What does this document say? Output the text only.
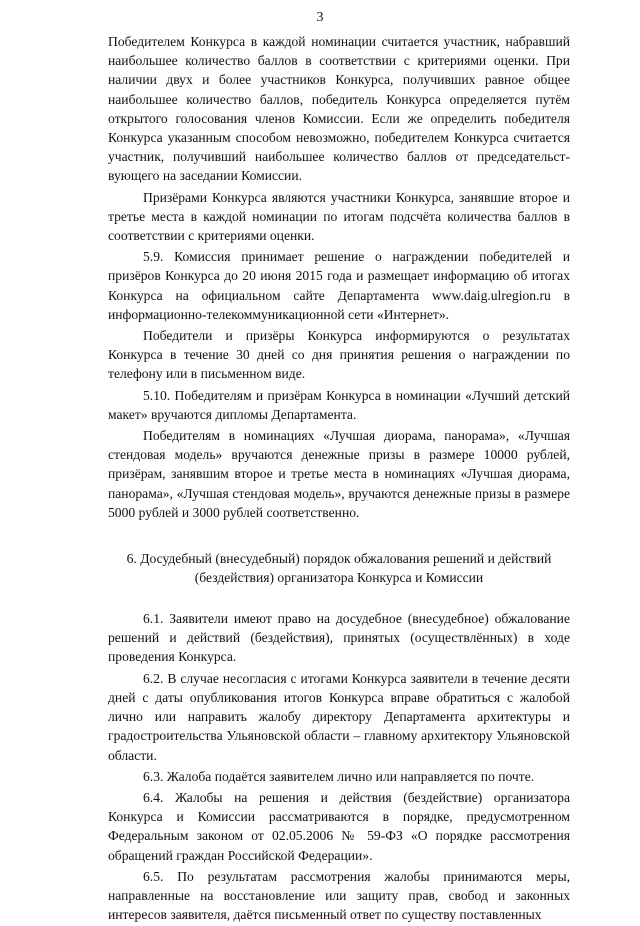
3

Победителем Конкурса в каждой номинации считается участник, набравший наибольшее количество баллов в соответствии с критериями оценки. При наличии двух и более участников Конкурса, получивших равное общее наибольшее количество баллов, победитель Конкурса определяется путём открытого голосования членов Комиссии. Если же определить победителя Конкурса указанным способом невозможно, победителем Конкурса считается участник, получивший наибольшее количество баллов от председательствующего на заседании Комиссии.

Призёрами Конкурса являются участники Конкурса, занявшие второе и третье места в каждой номинации по итогам подсчёта количества баллов в соответствии с критериями оценки.

5.9. Комиссия принимает решение о награждении победителей и призёров Конкурса до 20 июня 2015 года и размещает информацию об итогах Конкурса на официальном сайте Департамента www.daig.ulregion.ru в информационно-телекоммуникационной сети «Интернет».

Победители и призёры Конкурса информируются о результатах Конкурса в течение 30 дней со дня принятия решения о награждении по телефону или в письменном виде.

5.10. Победителям и призёрам Конкурса в номинации «Лучший детский макет» вручаются дипломы Департамента.

Победителям в номинациях «Лучшая диорама, панорама», «Лучшая стендовая модель» вручаются денежные призы в размере 10000 рублей, призёрам, занявшим второе и третье места в номинациях «Лучшая диорама, панорама», «Лучшая стендовая модель», вручаются денежные призы в размере 5000 рублей и 3000 рублей соответственно.

6. Досудебный (внесудебный) порядок обжалования решений и действий
(бездействия) организатора Конкурса и Комиссии

6.1. Заявители имеют право на досудебное (внесудебное) обжалование решений и действий (бездействия), принятых (осуществлённых) в ходе проведения Конкурса.

6.2. В случае несогласия с итогами Конкурса заявители в течение десяти дней с даты опубликования итогов Конкурса вправе обратиться с жалобой лично или направить жалобу директору Департамента архитектуры и градостроительства Ульяновской области – главному архитектору Ульяновской области.

6.3. Жалоба подаётся заявителем лично или направляется по почте.

6.4. Жалобы на решения и действия (бездействие) организатора Конкурса и Комиссии рассматриваются в порядке, предусмотренном Федеральным законом от 02.05.2006 № 59-ФЗ «О порядке рассмотрения обращений граждан Российской Федерации».

6.5. По результатам рассмотрения жалобы принимаются меры, направленные на восстановление или защиту прав, свобод и законных интересов заявителя, даётся письменный ответ по существу поставленных
